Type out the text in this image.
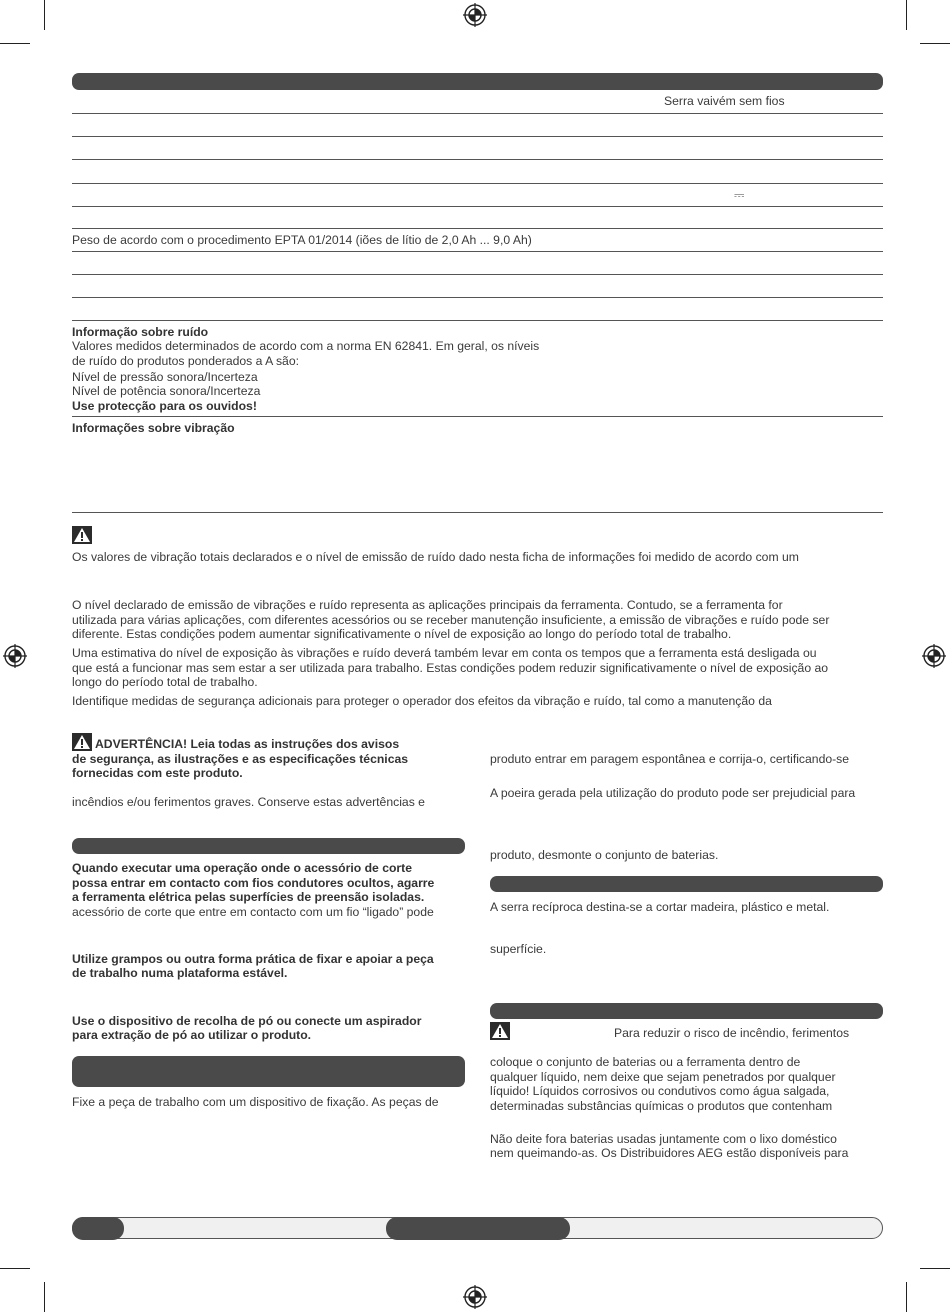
Serra vaivém sem fios
⎓
Peso de acordo com o procedimento EPTA 01/2014 (iões de lítio de 2,0 Ah ... 9,0 Ah)
Informação sobre ruído
Valores medidos determinados de acordo com a norma EN 62841. Em geral, os níveis
de ruído do produtos ponderados a A são:
Nível de pressão sonora/Incerteza
Nível de potência sonora/Incerteza
Use protecção para os ouvidos!
Informações sobre vibração
Os valores de vibração totais declarados e o nível de emissão de ruído dado nesta ficha de informações foi medido de acordo com um
O nível declarado de emissão de vibrações e ruído representa as aplicações principais da ferramenta. Contudo, se a ferramenta for
utilizada para várias aplicações, com diferentes acessórios ou se receber manutenção insuficiente, a emissão de vibrações e ruído pode ser
diferente. Estas condições podem aumentar significativamente o nível de exposição ao longo do período total de trabalho.
Uma estimativa do nível de exposição às vibrações e ruído deverá também levar em conta os tempos que a ferramenta está desligada ou
que está a funcionar mas sem estar a ser utilizada para trabalho. Estas condições podem reduzir significativamente o nível de exposição ao
longo do período total de trabalho.
Identifique medidas de segurança adicionais para proteger o operador dos efeitos da vibração e ruído, tal como a manutenção da
ADVERTÊNCIA! Leia todas as instruções dos avisos
de segurança, as ilustrações e as especificações técnicas
fornecidas com este produto.
incêndios e/ou ferimentos graves. Conserve estas advertências e
Quando executar uma operação onde o acessório de corte
possa entrar em contacto com fios condutores ocultos, agarre
a ferramenta elétrica pelas superfícies de preensão isoladas.
acessório de corte que entre em contacto com um fio “ligado” pode
Utilize grampos ou outra forma prática de fixar e apoiar a peça
de trabalho numa plataforma estável.
Use o dispositivo de recolha de pó ou conecte um aspirador
para extração de pó ao utilizar o produto.
Fixe a peça de trabalho com um dispositivo de fixação. As peças de
produto entrar em paragem espontânea e corrija-o, certificando-se
A poeira gerada pela utilização do produto pode ser prejudicial para
produto, desmonte o conjunto de baterias.
A serra recíproca destina-se a cortar madeira, plástico e metal.
superfície.
Para reduzir o risco de incêndio, ferimentos
coloque o conjunto de baterias ou a ferramenta dentro de
qualquer líquido, nem deixe que sejam penetrados por qualquer
líquido! Líquidos corrosivos ou condutivos como água salgada,
determinadas substâncias químicas o produtos que contenham
Não deite fora baterias usadas juntamente com o lixo doméstico
nem queimando-as. Os Distribuidores AEG estão disponíveis para
